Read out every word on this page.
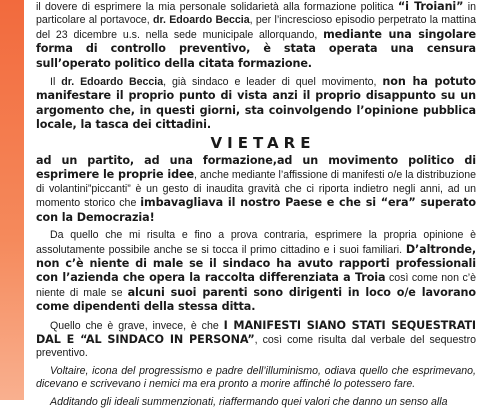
il dovere di esprimere la mia personale solidarietà alla formazione politica “i Troiani” in particolare al portavoce, dr. Edoardo Beccia, per l’increscioso episodio perpetrato la mattina del 23 dicembre u.s. nella sede municipale allorquando, mediante una singolare forma di controllo preventivo, è stata operata una censura sull’operato politico della citata formazione.

Il dr. Edoardo Beccia, già sindaco e leader di quel movimento, non ha potuto manifestare il proprio punto di vista anzi il proprio disappunto su un argomento che, in questi giorni, sta coinvolgendo l’opinione pubblica locale, la tasca dei cittadini.

VIETARE

ad un partito, ad una formazione,ad un movimento politico di esprimere le proprie idee, anche mediante l’affissione di manifesti o/e la distribuzione di volantini”piccanti” è un gesto di inaudita gravità che ci riporta indietro negli anni, ad un momento storico che imbavagliava il nostro Paese e che si “era” superato con la Democrazia!

Da quello che mi risulta e fino a prova contraria, esprimere la propria opinione è assolutamente possibile anche se si tocca il primo cittadino e i suoi familiari. D’altronde, non c’è niente di male se il sindaco ha avuto rapporti professionali con l’azienda che opera la raccolta differenziata a Troia così come non c’è niente di male se alcuni suoi parenti sono dirigenti in loco o/e lavorano come dipendenti della stessa ditta.

Quello che è grave, invece, è che I MANIFESTI SIANO STATI SEQUESTRATI DAL E “AL SINDACO IN PERSONA”, così come risulta dal verbale del sequestro preventivo.

Voltaire, icona del progressismo e padre dell’illuminismo, odiava quello che esprimevano, dicevano e scrivevano i nemici ma era pronto a morire affinché lo potessero fare.

Additando gli ideali summenzionati, riaffermando quei valori che danno un senso alla
